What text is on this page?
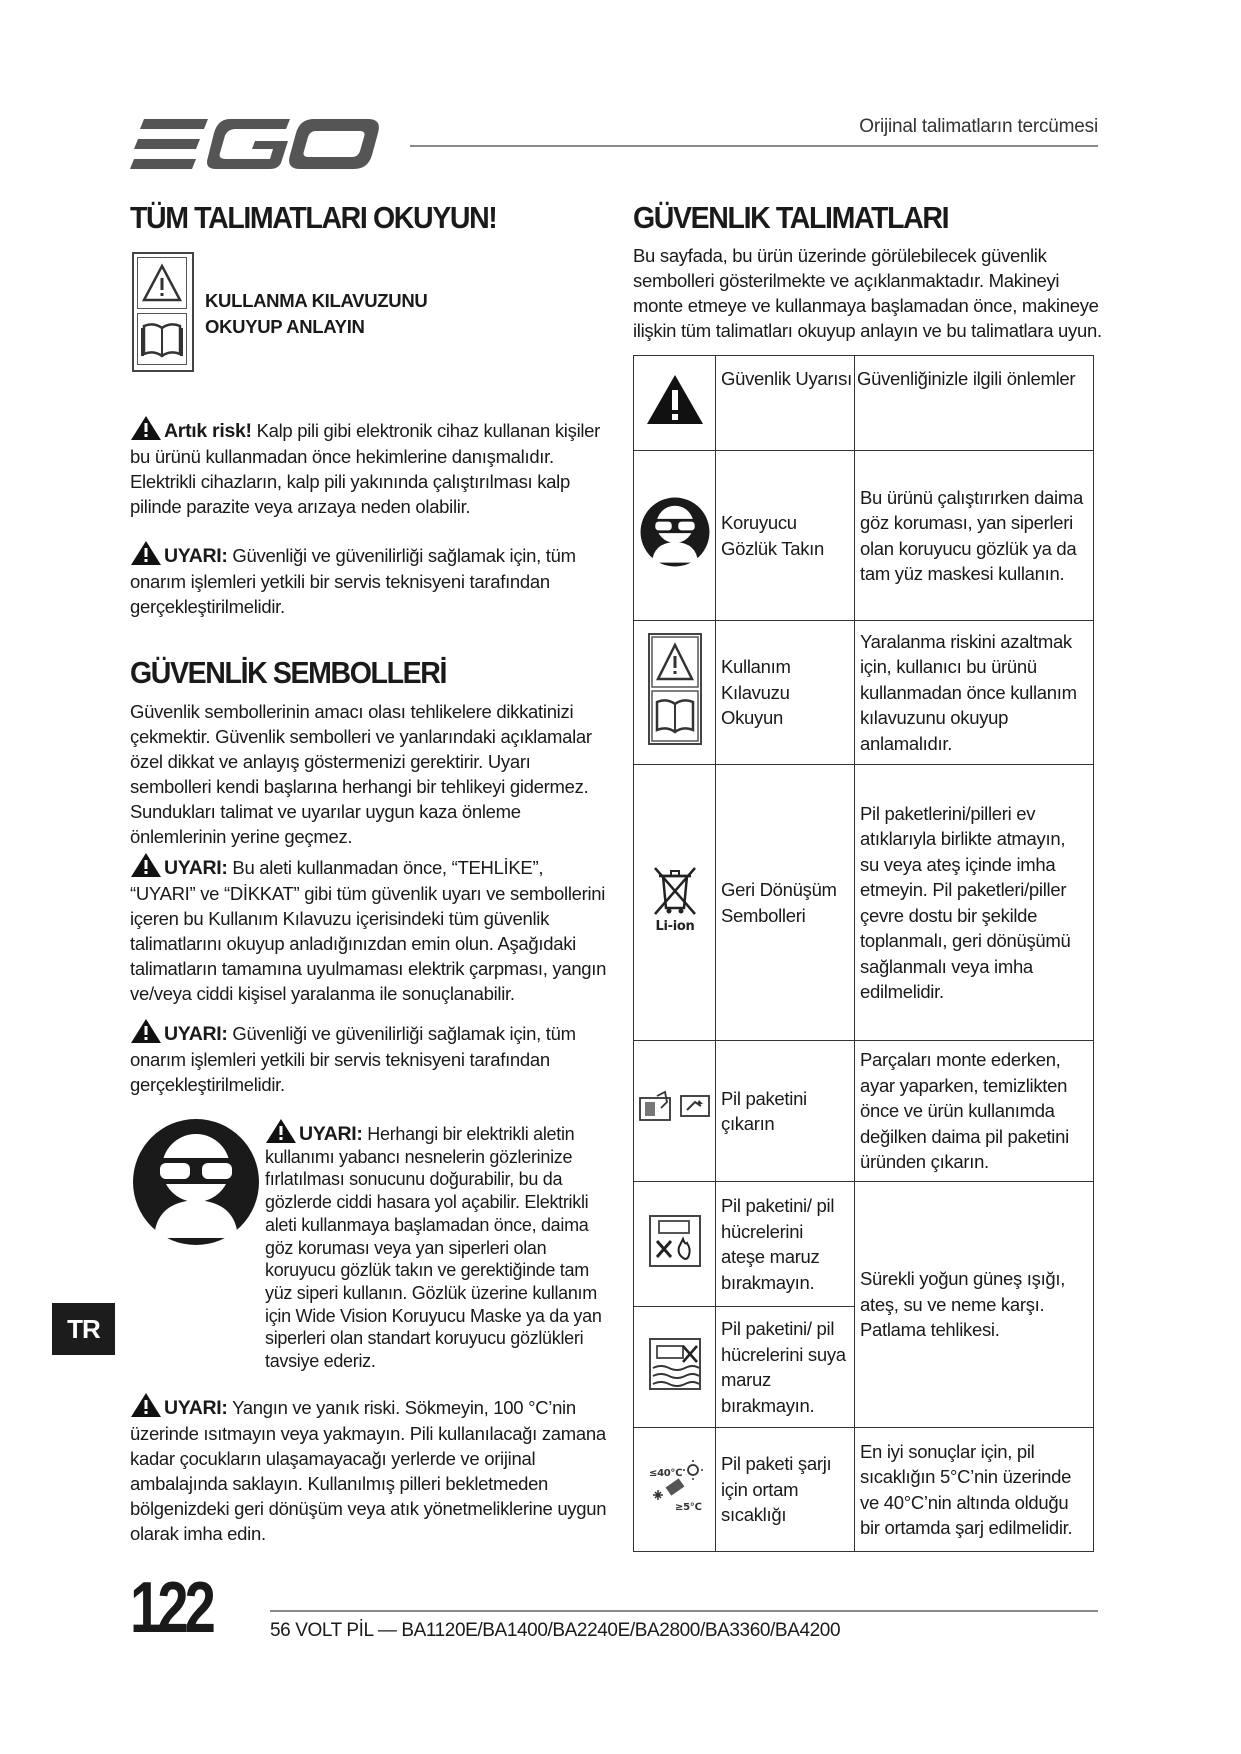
Orijinal talimatların tercümesi
TÜM TALIMATLARI OKUYUN!
KULLANMA KILAVUZUNU
OKUYUP ANLAYIN
Artık risk! Kalp pili gibi elektronik cihaz kullanan kişiler bu ürünü kullanmadan önce hekimlerine danışmalıdır. Elektrikli cihazların, kalp pili yakınında çalıştırılması kalp pilinde parazite veya arızaya neden olabilir.
UYARI: Güvenliği ve güvenilirliği sağlamak için, tüm onarım işlemleri yetkili bir servis teknisyeni tarafından gerçekleştirilmelidir.
GÜVENLİK SEMBOLLERİ
Güvenlik sembollerinin amacı olası tehlikelere dikkatinizi çekmektir. Güvenlik sembolleri ve yanlarındaki açıklamalar özel dikkat ve anlayış göstermenizi gerektirir. Uyarı sembolleri kendi başlarına herhangi bir tehlikeyi gidermez. Sundukları talimat ve uyarılar uygun kaza önleme önlemlerinin yerine geçmez.
UYARI: Bu aleti kullanmadan önce, “TEHLİKE”, “UYARI” ve “DİKKAT” gibi tüm güvenlik uyarı ve sembollerini içeren bu Kullanım Kılavuzu içerisindeki tüm güvenlik talimatlarını okuyup anladığınızdan emin olun. Aşağıdaki talimatların tamamına uyulmaması elektrik çarpması, yangın ve/veya ciddi kişisel yaralanma ile sonuçlanabilir.
UYARI: Güvenliği ve güvenilirliği sağlamak için, tüm onarım işlemleri yetkili bir servis teknisyeni tarafından gerçekleştirilmelidir.
UYARI: Herhangi bir elektrikli aletin kullanımı yabancı nesnelerin gözlerinize fırlatılması sonucunu doğurabilir, bu da gözlerde ciddi hasara yol açabilir. Elektrikli aleti kullanmaya başlamadan önce, daima göz koruması veya yan siperleri olan koruyucu gözlük takın ve gerektiğinde tam yüz siperi kullanın. Gözlük üzerine kullanım için Wide Vision Koruyucu Maske ya da yan siperleri olan standart koruyucu gözlükleri tavsiye ederiz.
UYARI: Yangın ve yanık riski. Sökmeyin, 100 °C’nin üzerinde ısıtmayın veya yakmayın. Pili kullanılacağı zamana kadar çocukların ulaşamayacağı yerlerde ve orijinal ambalajında saklayın. Kullanılmış pilleri bekletmeden bölgenizdeki geri dönüşüm veya atık yönetmeliklerine uygun olarak imha edin.
GÜVENLIK TALIMATLARI
Bu sayfada, bu ürün üzerinde görülebilecek güvenlik sembolleri gösterilmekte ve açıklanmaktadır. Makineyi monte etmeye ve kullanmaya başlamadan önce, makineye ilişkin tüm talimatları okuyup anlayın ve bu talimatlara uyun.
	Güvenlik Uyarısı	Güvenliğinizle ilgili önlemler
	Koruyucu Gözlük Takın	Bu ürünü çalıştırırken daima göz koruması, yan siperleri olan koruyucu gözlük ya da tam yüz maskesi kullanın.
	Kullanım Kılavuzu Okuyun	Yaralanma riskini azaltmak için, kullanıcı bu ürünü kullanmadan önce kullanım kılavuzunu okuyup anlamalıdır.

Li-ion	Geri Dönüşüm Sembolleri	Pil paketlerini/pilleri ev atıklarıyla birlikte atmayın, su veya ateş içinde imha etmeyin. Pil paketleri/piller çevre dostu bir şekilde toplanmalı, geri dönüşümü sağlanmalı veya imha edilmelidir.
	Pil paketini çıkarın	Parçaları monte ederken, ayar yaparken, temizlikten önce ve ürün kullanımda değilken daima pil paketini üründen çıkarın.
	Pil paketini/ pil hücrelerini ateşe maruz bırakmayın.	Sürekli yoğun güneş ışığı, ateş, su ve neme karşı. Patlama tehlikesi.
	Pil paketini/ pil hücrelerini suya maruz bırakmayın.	

≤40℃
≥5℃	Pil paketi şarjı için ortam sıcaklığı	En iyi sonuçlar için, pil sıcaklığın 5°C’nin üzerinde ve 40°C’nin altında olduğu bir ortamda şarj edilmelidir.
TR
122	56 VOLT PİL — BA1120E/BA1400/BA2240E/BA2800/BA3360/BA4200
